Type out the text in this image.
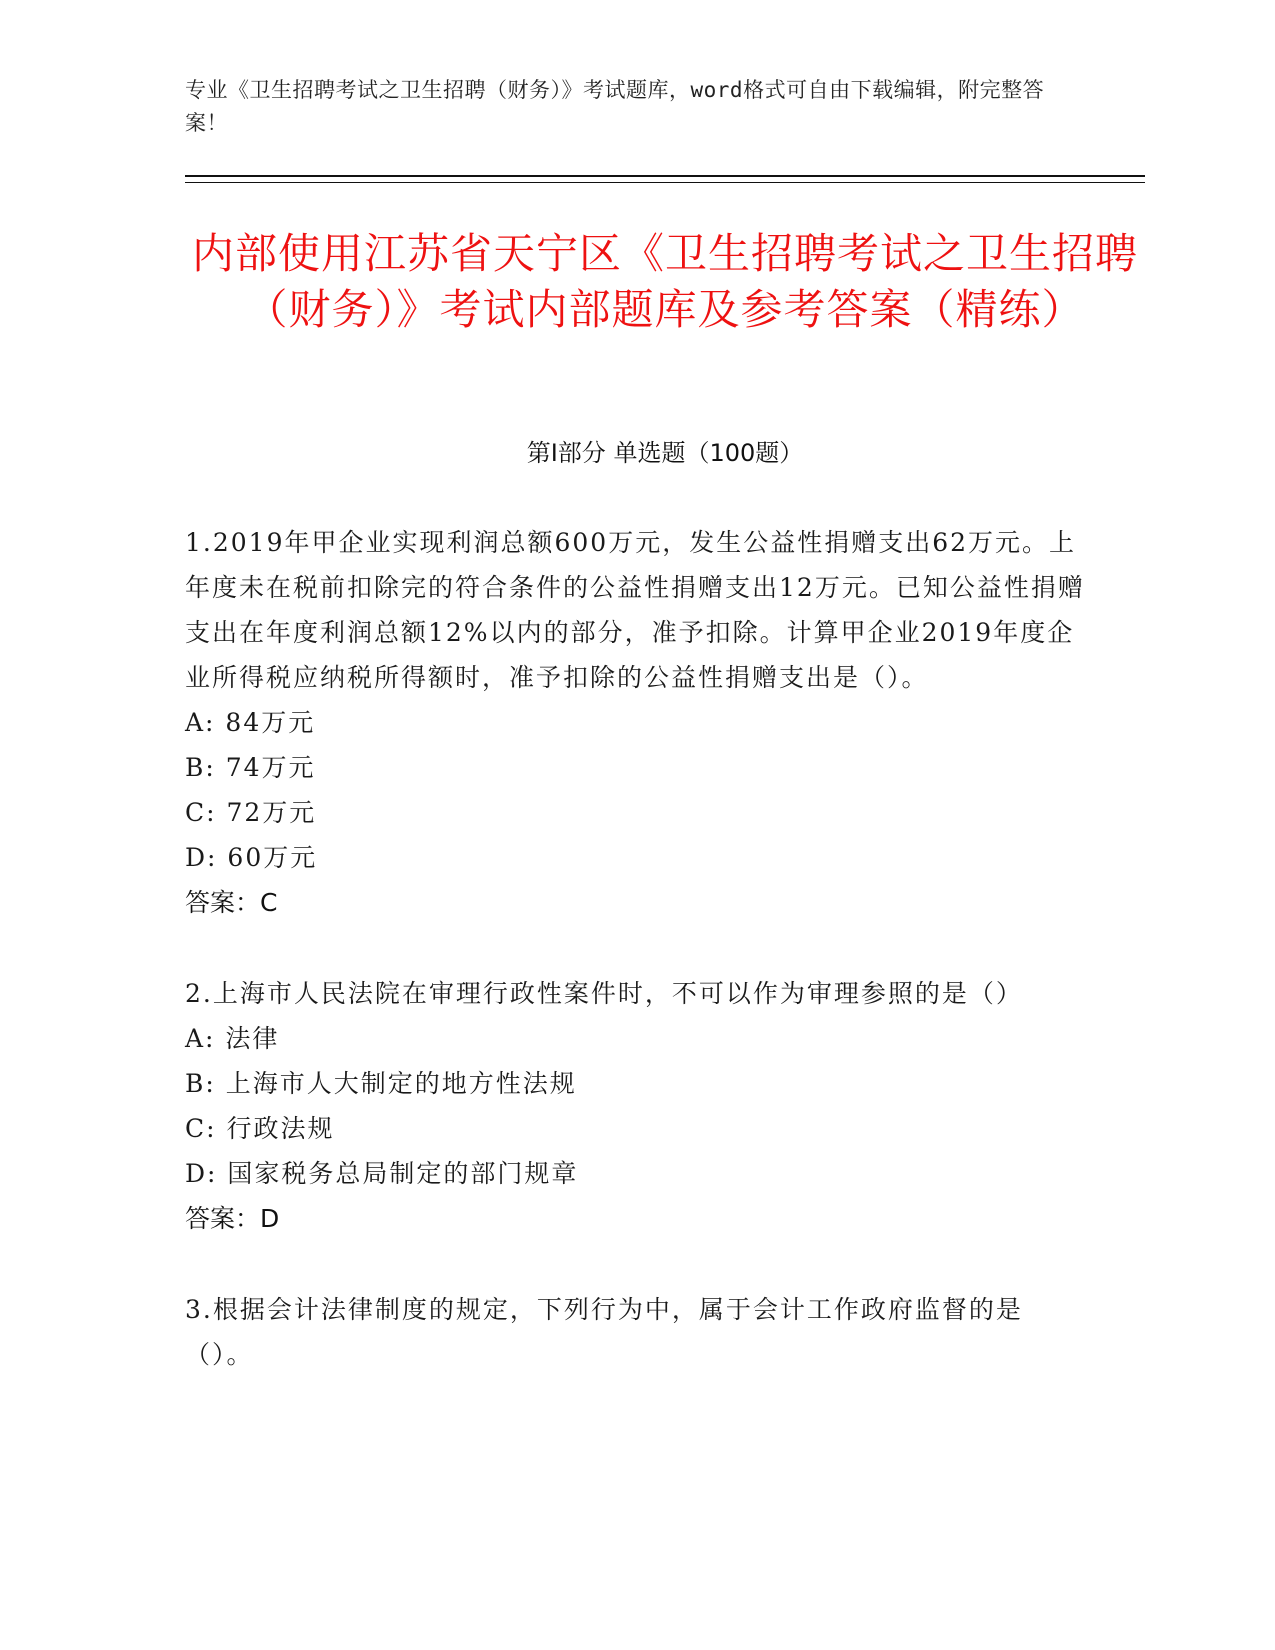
专业《卫生招聘考试之卫生招聘（财务）》考试题库，word格式可自由下载编辑，附完整答案！
内部使用江苏省天宁区《卫生招聘考试之卫生招聘（财务）》考试内部题库及参考答案（精练）
第Ⅰ部分 单选题（100题）
1.2019年甲企业实现利润总额600万元，发生公益性捐赠支出62万元。上年度未在税前扣除完的符合条件的公益性捐赠支出12万元。已知公益性捐赠支出在年度利润总额12%以内的部分，准予扣除。计算甲企业2019年度企业所得税应纳税所得额时，准予扣除的公益性捐赠支出是（）。
A: 84万元
B: 74万元
C: 72万元
D: 60万元
答案：C
2.上海市人民法院在审理行政性案件时，不可以作为审理参照的是（）
A: 法律
B: 上海市人大制定的地方性法规
C: 行政法规
D: 国家税务总局制定的部门规章
答案：D
3.根据会计法律制度的规定，下列行为中，属于会计工作政府监督的是（）。
